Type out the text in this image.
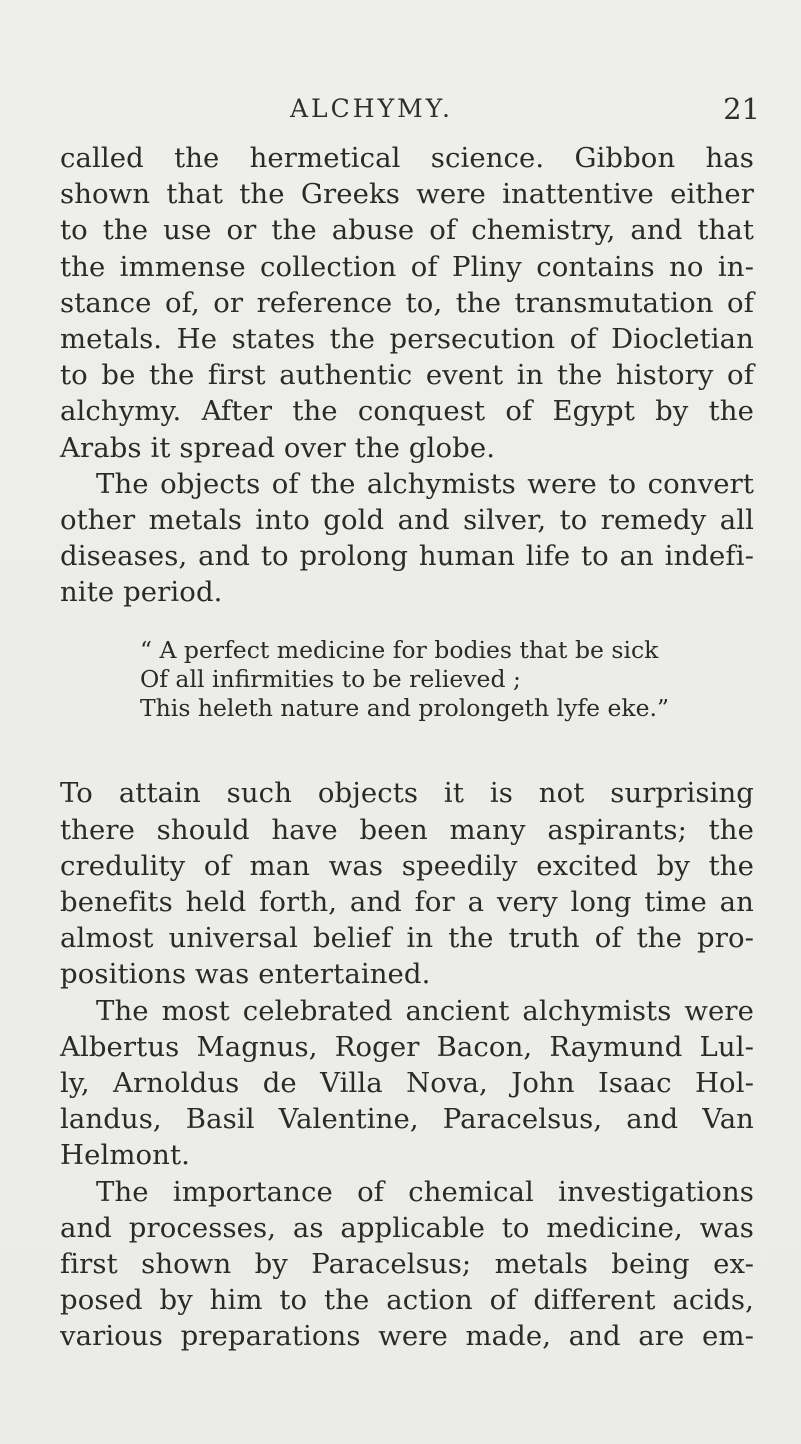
ALCHYMY.	21
called the hermetical science. Gibbon has
shown that the Greeks were inattentive either
to the use or the abuse of chemistry, and that
the immense collection of Pliny contains no in-
stance of, or reference to, the transmutation of
metals. He states the persecution of Diocletian
to be the first authentic event in the history of
alchymy. After the conquest of Egypt by the
Arabs it spread over the globe.
The objects of the alchymists were to convert
other metals into gold and silver, to remedy all
diseases, and to prolong human life to an indefi-
nite period.
“ A perfect medicine for bodies that be sick
Of all infirmities to be relieved ;
This heleth nature and prolongeth lyfe eke.”
To attain such objects it is not surprising
there should have been many aspirants; the
credulity of man was speedily excited by the
benefits held forth, and for a very long time an
almost universal belief in the truth of the pro-
positions was entertained.
The most celebrated ancient alchymists were
Albertus Magnus, Roger Bacon, Raymund Lul-
ly, Arnoldus de Villa Nova, John Isaac Hol-
landus, Basil Valentine, Paracelsus, and Van
Helmont.
The importance of chemical investigations
and processes, as applicable to medicine, was
first shown by Paracelsus; metals being ex-
posed by him to the action of different acids,
various preparations were made, and are em-
